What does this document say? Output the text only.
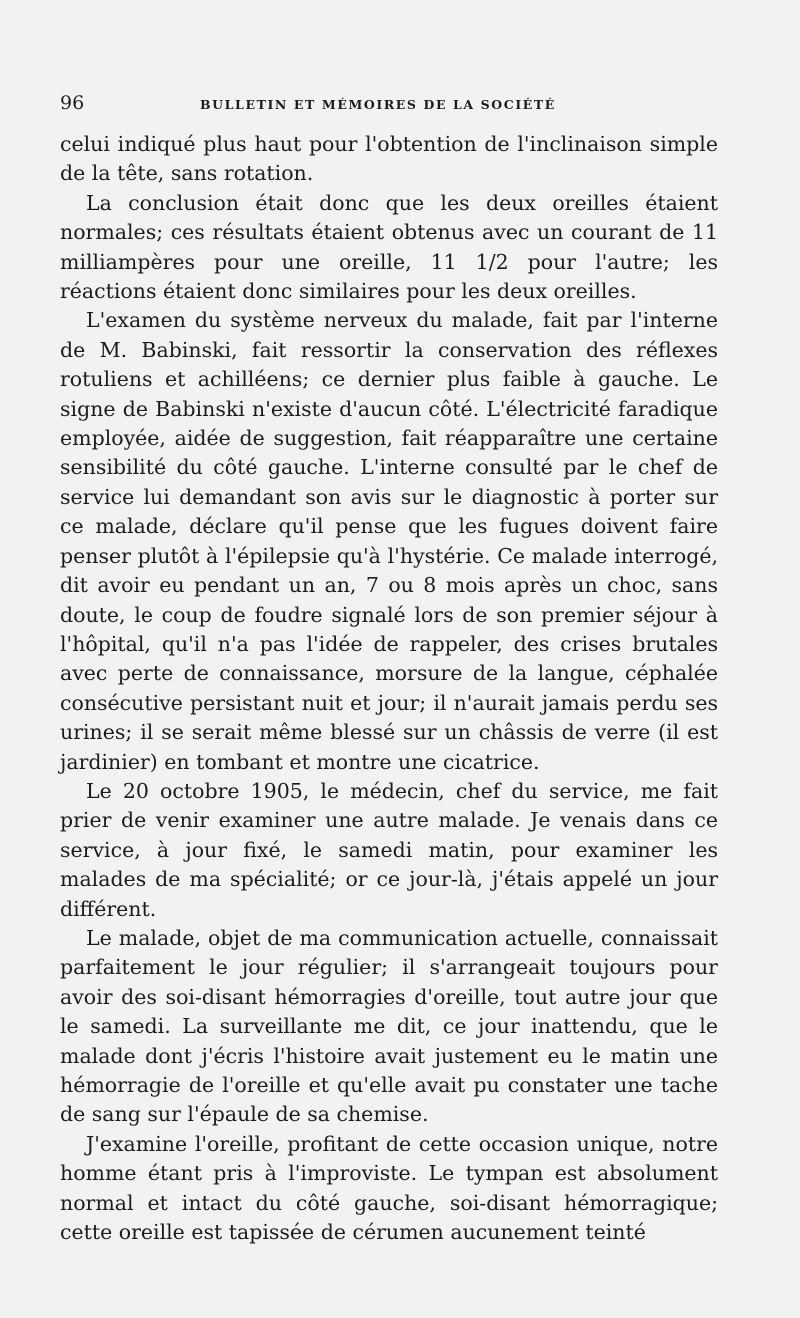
96	BULLETIN ET MÉMOIRES DE LA SOCIÉTÉ

celui indiqué plus haut pour l'obtention de l'inclinaison simple de la tête, sans rotation.

La conclusion était donc que les deux oreilles étaient normales; ces résultats étaient obtenus avec un courant de 11 milliampères pour une oreille, 11 1/2 pour l'autre; les réactions étaient donc similaires pour les deux oreilles.

L'examen du système nerveux du malade, fait par l'interne de M. Babinski, fait ressortir la conservation des réflexes rotuliens et achilléens; ce dernier plus faible à gauche. Le signe de Babinski n'existe d'aucun côté. L'électricité faradique employée, aidée de suggestion, fait réapparaître une certaine sensibilité du côté gauche. L'interne consulté par le chef de service lui demandant son avis sur le diagnostic à porter sur ce malade, déclare qu'il pense que les fugues doivent faire penser plutôt à l'épilepsie qu'à l'hystérie. Ce malade interrogé, dit avoir eu pendant un an, 7 ou 8 mois après un choc, sans doute, le coup de foudre signalé lors de son premier séjour à l'hôpital, qu'il n'a pas l'idée de rappeler, des crises brutales avec perte de connaissance, morsure de la langue, céphalée consécutive persistant nuit et jour; il n'aurait jamais perdu ses urines; il se serait même blessé sur un châssis de verre (il est jardinier) en tombant et montre une cicatrice.

Le 20 octobre 1905, le médecin, chef du service, me fait prier de venir examiner une autre malade. Je venais dans ce service, à jour fixé, le samedi matin, pour examiner les malades de ma spécialité; or ce jour-là, j'étais appelé un jour différent.

Le malade, objet de ma communication actuelle, connaissait parfaitement le jour régulier; il s'arrangeait toujours pour avoir des soi-disant hémorragies d'oreille, tout autre jour que le samedi. La surveillante me dit, ce jour inattendu, que le malade dont j'écris l'histoire avait justement eu le matin une hémorragie de l'oreille et qu'elle avait pu constater une tache de sang sur l'épaule de sa chemise.

J'examine l'oreille, profitant de cette occasion unique, notre homme étant pris à l'improviste. Le tympan est absolument normal et intact du côté gauche, soi-disant hémorragique; cette oreille est tapissée de cérumen aucunement teinté
